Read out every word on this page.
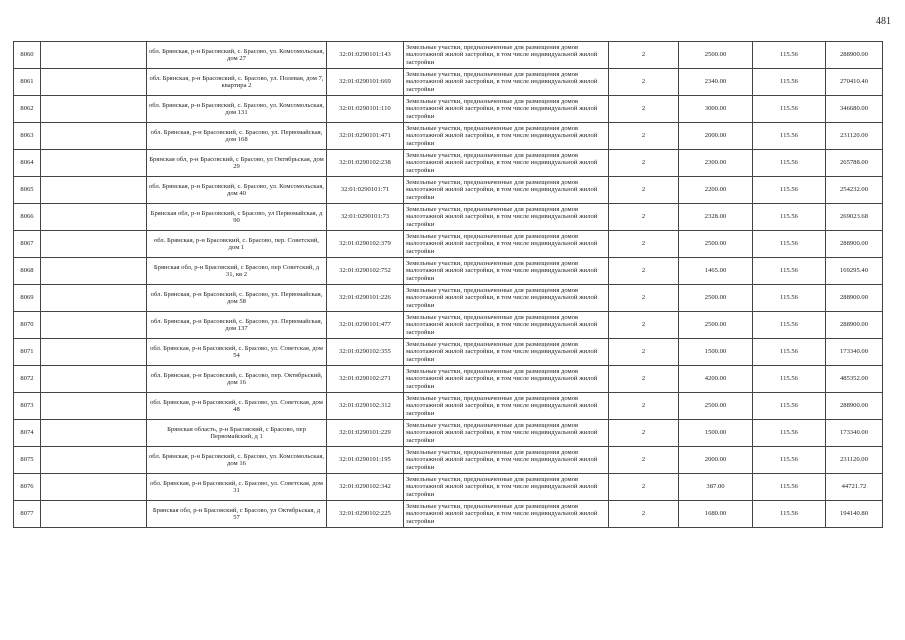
481
8060		обл. Брянская, р-н Брасовский, с. Брасово, ул. Комсомольская, дом 27	32:01:0290101:143	Земельные участки, предназначенные для размещения домов малоэтажной жилой застройки, в том числе индивидуальной жилой застройки	2	2500.00	115.56	288900.00
8061		обл. Брянская, р-н Брасовский, с. Брасово, ул. Полевая, дом 7, квартира 2	32:01:0290101:669	Земельные участки, предназначенные для размещения домов малоэтажной жилой застройки, в том числе индивидуальной жилой застройки	2	2340.00	115.56	270410.40
8062		обл. Брянская, р-н Брасовский, с. Брасово, ул. Комсомольская, дом 131	32:01:0290101:110	Земельные участки, предназначенные для размещения домов малоэтажной жилой застройки, в том числе индивидуальной жилой застройки	2	3000.00	115.56	346680.00
8063		обл. Брянская, р-н Брасовский, с. Брасово, ул. Первомайская, дом 168	32:01:0290101:471	Земельные участки, предназначенные для размещения домов малоэтажной жилой застройки, в том числе индивидуальной жилой застройки	2	2000.00	115.56	231120.00
8064		Брянская обл, р-н Брасовский, с Брасово, ул Октябрьская, дом 29	32:01:0290102:238	Земельные участки, предназначенные для размещения домов малоэтажной жилой застройки, в том числе индивидуальной жилой застройки	2	2300.00	115.56	265788.00
8065		обл. Брянская, р-н Брасовский, с. Брасово, ул. Комсомольская, дом 40	32:01:0290101:71	Земельные участки, предназначенные для размещения домов малоэтажной жилой застройки, в том числе индивидуальной жилой застройки	2	2200.00	115.56	254232.00
8066		Брянская обл, р-н Брасовский, с Брасово, ул Первомайская, д 90	32:01:0290101:73	Земельные участки, предназначенные для размещения домов малоэтажной жилой застройки, в том числе индивидуальной жилой застройки	2	2328.00	115.56	269023.68
8067		обл. Брянская, р-н Брасовский, с. Брасово, пер. Советский, дом 1	32:01:0290102:379	Земельные участки, предназначенные для размещения домов малоэтажной жилой застройки, в том числе индивидуальной жилой застройки	2	2500.00	115.56	288900.00
8068		Брянская обл, р-н Брасовский, с Брасово, пер Советский, д 31, кв 2	32:01:0290102:752	Земельные участки, предназначенные для размещения домов малоэтажной жилой застройки, в том числе индивидуальной жилой застройки	2	1465.00	115.56	169295.40
8069		обл. Брянская, р-н Брасовский, с. Брасово, ул. Первомайская, дом 58	32:01:0290101:226	Земельные участки, предназначенные для размещения домов малоэтажной жилой застройки, в том числе индивидуальной жилой застройки	2	2500.00	115.56	288900.00
8070		обл. Брянская, р-н Брасовский, с. Брасово, ул. Первомайская, дом 137	32:01:0290101:477	Земельные участки, предназначенные для размещения домов малоэтажной жилой застройки, в том числе индивидуальной жилой застройки	2	2500.00	115.56	288900.00
8071		обл. Брянская, р-н Брасовский, с. Брасово, ул. Советская, дом 54	32:01:0290102:355	Земельные участки, предназначенные для размещения домов малоэтажной жилой застройки, в том числе индивидуальной жилой застройки	2	1500.00	115.56	173340.00
8072		обл. Брянская, р-н Брасовский, с. Брасово, пер. Октябрьский, дом 16	32:01:0290102:271	Земельные участки, предназначенные для размещения домов малоэтажной жилой застройки, в том числе индивидуальной жилой застройки	2	4200.00	115.56	485352.00
8073		обл. Брянская, р-н Брасовский, с. Брасово, ул. Советская, дом 48	32:01:0290102:312	Земельные участки, предназначенные для размещения домов малоэтажной жилой застройки, в том числе индивидуальной жилой застройки	2	2500.00	115.56	288900.00
8074		Брянская область, р-н Брасовский, с Брасово, пер Первомайский, д 1	32:01:0290101:229	Земельные участки, предназначенные для размещения домов малоэтажной жилой застройки, в том числе индивидуальной жилой застройки	2	1500.00	115.56	173340.00
8075		обл. Брянская, р-н Брасовский, с. Брасово, ул. Комсомольская, дом 16	32:01:0290101:195	Земельные участки, предназначенные для размещения домов малоэтажной жилой застройки, в том числе индивидуальной жилой застройки	2	2000.00	115.56	231120.00
8076		обл. Брянская, р-н Брасовский, с. Брасово, ул. Советская, дом 31	32:01:0290102:342	Земельные участки, предназначенные для размещения домов малоэтажной жилой застройки, в том числе индивидуальной жилой застройки	2	387.00	115.56	44721.72
8077		Брянская обл, р-н Брасовский, с Брасово, ул Октябрьская, д 57	32:01:0290102:225	Земельные участки, предназначенные для размещения домов малоэтажной жилой застройки, в том числе индивидуальной жилой застройки	2	1680.00	115.56	194140.80
